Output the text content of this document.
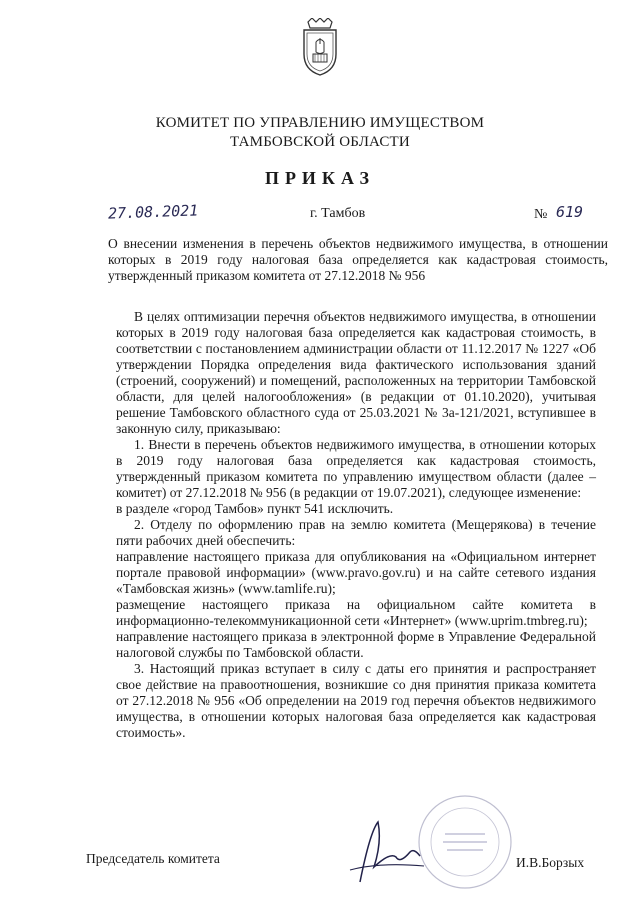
КОМИТЕТ ПО УПРАВЛЕНИЮ ИМУЩЕСТВОМ
ТАМБОВСКОЙ ОБЛАСТИ
ПРИКАЗ
27.08.2021	г. Тамбов	№ 619
О внесении изменения в перечень объектов недвижимого имущества, в отношении которых в 2019 году налоговая база определяется как кадастровая стоимость, утвержденный приказом комитета от 27.12.2018 № 956

В целях оптимизации перечня объектов недвижимого имущества, в отношении которых в 2019 году налоговая база определяется как кадастровая стоимость, в соответствии с постановлением администрации области от 11.12.2017 № 1227 «Об утверждении Порядка определения вида фактического использования зданий (строений, сооружений) и помещений, расположенных на территории Тамбовской области, для целей налогообложения» (в редакции от 01.10.2020), учитывая решение Тамбовского областного суда от 25.03.2021 № 3а-121/2021, вступившее в законную силу, приказываю:

1. Внести в перечень объектов недвижимого имущества, в отношении которых в 2019 году налоговая база определяется как кадастровая стоимость, утвержденный приказом комитета по управлению имуществом области (далее – комитет) от 27.12.2018 № 956 (в редакции от 19.07.2021), следующее изменение:

в разделе «город Тамбов» пункт 541 исключить.

2. Отделу по оформлению прав на землю комитета (Мещерякова) в течение пяти рабочих дней обеспечить:

направление настоящего приказа для опубликования на «Официальном интернет портале правовой информации» (www.pravo.gov.ru) и на сайте сетевого издания «Тамбовская жизнь» (www.tamlife.ru);

размещение настоящего приказа на официальном сайте комитета в информационно-телекоммуникационной сети «Интернет» (www.uprim.tmbreg.ru);

направление настоящего приказа в электронной форме в Управление Федеральной налоговой службы по Тамбовской области.

3. Настоящий приказ вступает в силу с даты его принятия и распространяет свое действие на правоотношения, возникшие со дня принятия приказа комитета от 27.12.2018 № 956 «Об определении на 2019 год перечня объектов недвижимого имущества, в отношении которых налоговая база определяется как кадастровая стоимость».

Председатель комитета	И.В.Борзых
